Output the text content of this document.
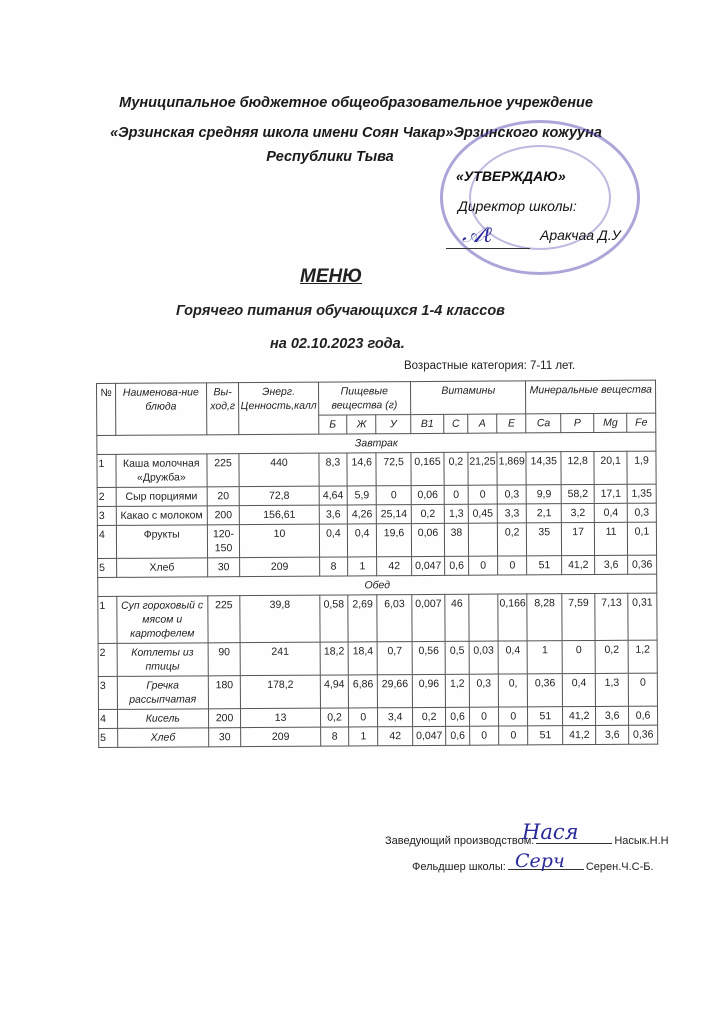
Муниципальное бюджетное общеобразовательное учреждение
«Эрзинская средняя школа имени Соян Чакар»Эрзинского кожууна
Республики Тыва
«УТВЕРЖДАЮ»
Директор школы:
Аракчаа Д.У
𝒜ℓ
МЕНЮ
Горячего питания обучающихся 1-4 классов
на 02.10.2023 года.
Возрастные категория: 7-11 лет.
№	Наименова-ние блюда	Вы-ход,г	Энерг. Ценность,калл	Пищевые вещества (г)			Витамины				Минеральные вещества			
				Б	Ж	У	B1	C	A	E	Ca	P	Mg	Fe
Завтрак														
1	Каша молочная «Дружба»	225	440	8,3	14,6	72,5	0,165	0,2	21,25	1,869	14,35	12,8	20,1	1,9
2	Сыр порциями	20	72,8	4,64	5,9	0	0,06	0	0	0,3	9,9	58,2	17,1	1,35
3	Какао с молоком	200	156,61	3,6	4,26	25,14	0,2	1,3	0,45	3,3	2,1	3,2	0,4	0,3
4	Фрукты	120-150	10	0,4	0,4	19,6	0,06	38		0,2	35	17	11	0,1
5	Хлеб	30	209	8	1	42	0,047	0,6	0	0	51	41,2	3,6	0,36
Обед														
1	Суп гороховый с мясом и картофелем	225	39,8	0,58	2,69	6,03	0,007	46		0,166	8,28	7,59	7,13	0,31
2	Котлеты из птицы	90	241	18,2	18,4	0,7	0,56	0,5	0,03	0,4	1	0	0,2	1,2
3	Гречка рассыпчатая	180	178,2	4,94	6,86	29,66	0,96	1,2	0,3	0,	0,36	0,4	1,3	0
4	Кисель	200	13	0,2	0	3,4	0,2	0,6	0	0	51	41,2	3,6	0,6
5	Хлеб	30	209	8	1	42	0,047	0,6	0	0	51	41,2	3,6	0,36
Заведующий производством:	Насык.Н.Н
Нася
Фельдшер школы:	Серен.Ч.С-Б.
Серч
